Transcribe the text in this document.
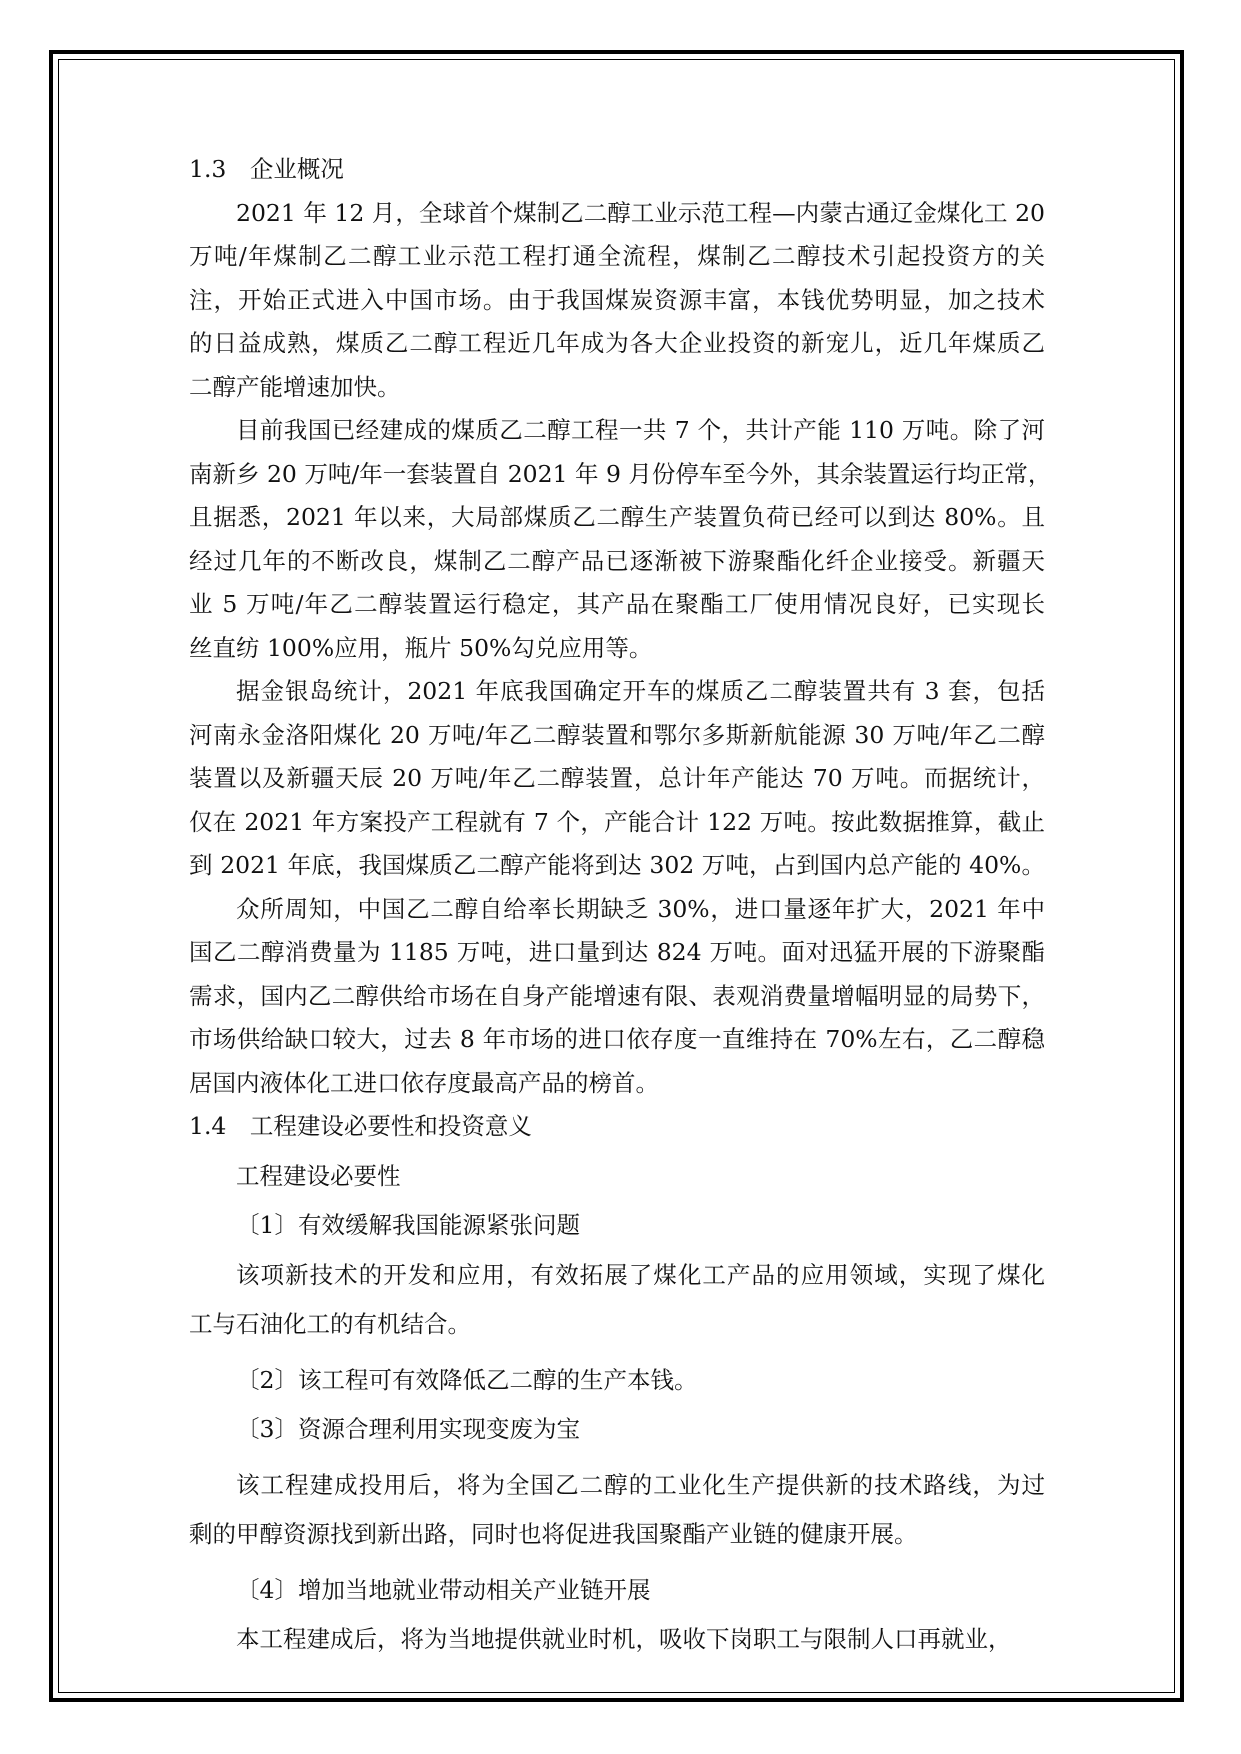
1.3　企业概况
2021 年 12 月，全球首个煤制乙二醇工业示范工程—内蒙古通辽金煤化工 20
万吨/年煤制乙二醇工业示范工程打通全流程，煤制乙二醇技术引起投资方的关
注，开始正式进入中国市场。由于我国煤炭资源丰富，本钱优势明显，加之技术
的日益成熟，煤质乙二醇工程近几年成为各大企业投资的新宠儿，近几年煤质乙
二醇产能增速加快。
目前我国已经建成的煤质乙二醇工程一共 7 个，共计产能 110 万吨。除了河
南新乡 20 万吨/年一套装置自 2021 年 9 月份停车至今外，其余装置运行均正常，
且据悉，2021 年以来，大局部煤质乙二醇生产装置负荷已经可以到达 80%。且
经过几年的不断改良，煤制乙二醇产品已逐渐被下游聚酯化纤企业接受。新疆天
业 5 万吨/年乙二醇装置运行稳定，其产品在聚酯工厂使用情况良好，已实现长
丝直纺 100%应用，瓶片 50%勾兑应用等。
据金银岛统计，2021 年底我国确定开车的煤质乙二醇装置共有 3 套，包括
河南永金洛阳煤化 20 万吨/年乙二醇装置和鄂尔多斯新航能源 30 万吨/年乙二醇
装置以及新疆天辰 20 万吨/年乙二醇装置，总计年产能达 70 万吨。而据统计，
仅在 2021 年方案投产工程就有 7 个，产能合计 122 万吨。按此数据推算，截止
到 2021 年底，我国煤质乙二醇产能将到达 302 万吨，占到国内总产能的 40%。
众所周知，中国乙二醇自给率长期缺乏 30%，进口量逐年扩大，2021 年中
国乙二醇消费量为 1185 万吨，进口量到达 824 万吨。面对迅猛开展的下游聚酯
需求，国内乙二醇供给市场在自身产能增速有限、表观消费量增幅明显的局势下，
市场供给缺口较大，过去 8 年市场的进口依存度一直维持在 70%左右，乙二醇稳
居国内液体化工进口依存度最高产品的榜首。
1.4　工程建设必要性和投资意义
工程建设必要性
〔1〕有效缓解我国能源紧张问题
该项新技术的开发和应用，有效拓展了煤化工产品的应用领域，实现了煤化
工与石油化工的有机结合。
〔2〕该工程可有效降低乙二醇的生产本钱。
〔3〕资源合理利用实现变废为宝
该工程建成投用后，将为全国乙二醇的工业化生产提供新的技术路线，为过
剩的甲醇资源找到新出路，同时也将促进我国聚酯产业链的健康开展。
〔4〕增加当地就业带动相关产业链开展
本工程建成后，将为当地提供就业时机，吸收下岗职工与限制人口再就业，
